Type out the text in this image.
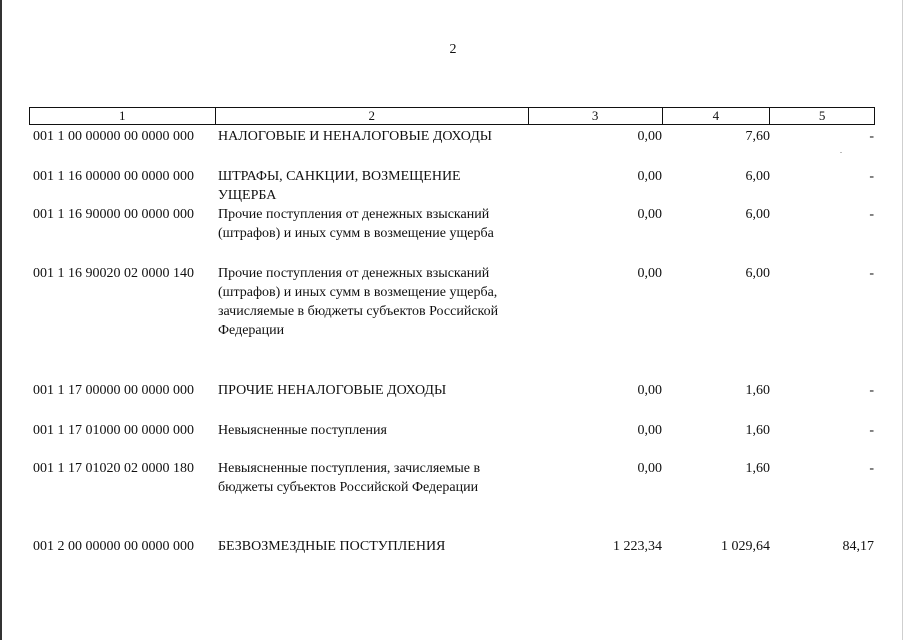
2
1	2	3	4	5
001 1 00 00000 00 0000 000	НАЛОГОВЫЕ И НЕНАЛОГОВЫЕ ДОХОДЫ	0,00	7,60	-
001 1 16 00000 00 0000 000	ШТРАФЫ, САНКЦИИ, ВОЗМЕЩЕНИЕ
УЩЕРБА
0,00	6,00	-
001 1 16 90000 00 0000 000	Прочие поступления от денежных взысканий
(штрафов) и иных сумм в возмещение ущерба
0,00	6,00	-
001 1 16 90020 02 0000 140	Прочие поступления от денежных взысканий
(штрафов) и иных сумм в возмещение ущерба,
зачисляемые в бюджеты субъектов Российской
Федерации
0,00	6,00	-
001 1 17 00000 00 0000 000	ПРОЧИЕ НЕНАЛОГОВЫЕ ДОХОДЫ	0,00	1,60	-
001 1 17 01000 00 0000 000	Невыясненные поступления	0,00	1,60	-
001 1 17 01020 02 0000 180	Невыясненные поступления, зачисляемые в
бюджеты субъектов Российской Федерации
0,00	1,60	-
001 2 00 00000 00 0000 000	БЕЗВОЗМЕЗДНЫЕ ПОСТУПЛЕНИЯ	1 223,34	1 029,64	84,17
